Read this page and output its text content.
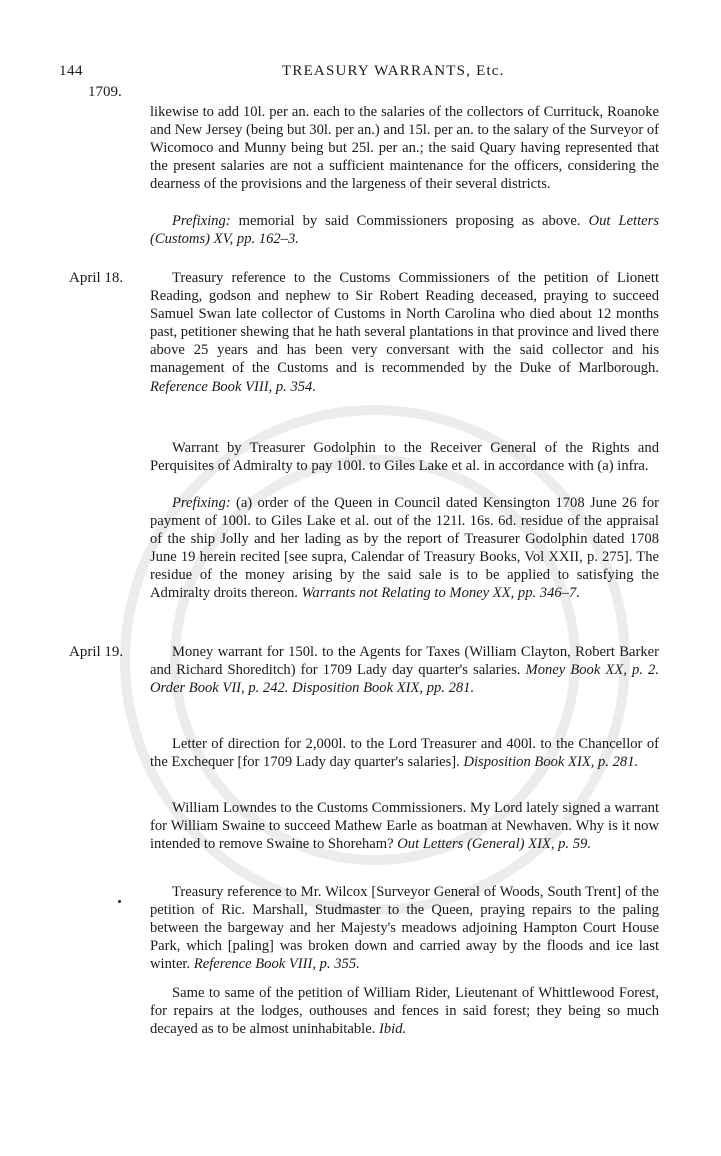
144	TREASURY WARRANTS, Etc.
1709.

likewise to add 10l. per an. each to the salaries of the collectors of Currituck, Roanoke and New Jersey (being but 30l. per an.) and 15l. per an. to the salary of the Surveyor of Wicomoco and Munny being but 25l. per an.; the said Quary having represented that the present salaries are not a sufficient maintenance for the officers, considering the dearness of the provisions and the largeness of their several districts.

Prefixing: memorial by said Commissioners proposing as above. Out Letters (Customs) XV, pp. 162–3.

April 18.	Treasury reference to the Customs Commissioners of the petition of Lionett Reading, godson and nephew to Sir Robert Reading deceased, praying to succeed Samuel Swan late collector of Customs in North Carolina who died about 12 months past, petitioner shewing that he hath several plantations in that province and lived there above 25 years and has been very conversant with the said collector and his management of the Customs and is recommended by the Duke of Marlborough. Reference Book VIII, p. 354.

Warrant by Treasurer Godolphin to the Receiver General of the Rights and Perquisites of Admiralty to pay 100l. to Giles Lake et al. in accordance with (a) infra.

Prefixing: (a) order of the Queen in Council dated Kensington 1708 June 26 for payment of 100l. to Giles Lake et al. out of the 121l. 16s. 6d. residue of the appraisal of the ship Jolly and her lading as by the report of Treasurer Godolphin dated 1708 June 19 herein recited [see supra, Calendar of Treasury Books, Vol XXII, p. 275]. The residue of the money arising by the said sale is to be applied to satisfying the Admiralty droits thereon. Warrants not Relating to Money XX, pp. 346–7.

April 19.	Money warrant for 150l. to the Agents for Taxes (William Clayton, Robert Barker and Richard Shoreditch) for 1709 Lady day quarter's salaries. Money Book XX, p. 2. Order Book VII, p. 242. Disposition Book XIX, pp. 281.

Letter of direction for 2,000l. to the Lord Treasurer and 400l. to the Chancellor of the Exchequer [for 1709 Lady day quarter's salaries]. Disposition Book XIX, p. 281.

William Lowndes to the Customs Commissioners. My Lord lately signed a warrant for William Swaine to succeed Mathew Earle as boatman at Newhaven. Why is it now intended to remove Swaine to Shoreham? Out Letters (General) XIX, p. 59.

Treasury reference to Mr. Wilcox [Surveyor General of Woods, South Trent] of the petition of Ric. Marshall, Studmaster to the Queen, praying repairs to the paling between the bargeway and her Majesty's meadows adjoining Hampton Court House Park, which [paling] was broken down and carried away by the floods and ice last winter. Reference Book VIII, p. 355.

Same to same of the petition of William Rider, Lieutenant of Whittlewood Forest, for repairs at the lodges, outhouses and fences in said forest; they being so much decayed as to be almost uninhabitable. Ibid.
